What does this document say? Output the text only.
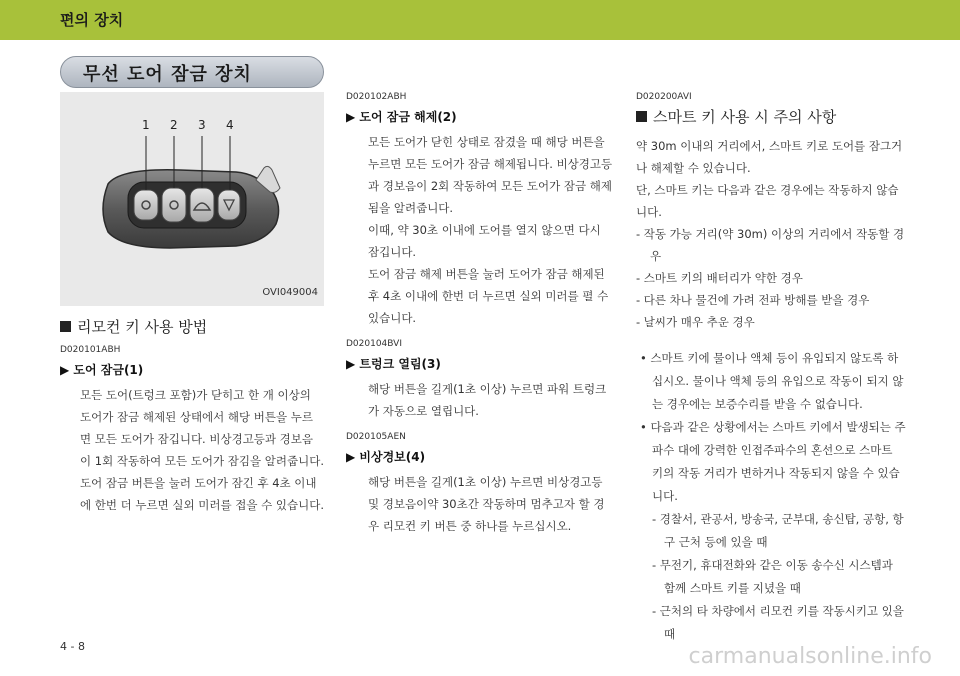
편의 장치
무선 도어 잠금 장치
1 2 3 4
OVI049004
리모컨 키 사용 방법
D020101ABH
▶ 도어 잠금(1)
모든 도어(트렁크 포함)가 닫히고 한 개 이상의 도어가 잠금 해제된 상태에서 해당 버튼을 누르면 모든 도어가 잠깁니다. 비상경고등과 경보음이 1회 작동하여 모든 도어가 잠김을 알려줍니다.
도어 잠금 버튼을 눌러 도어가 잠긴 후 4초 이내에 한번 더 누르면 실외 미러를 접을 수 있습니다.
D020102ABH
▶ 도어 잠금 해제(2)
모든 도어가 닫힌 상태로 잠겼을 때 해당 버튼을 누르면 모든 도어가 잠금 해제됩니다. 비상경고등과 경보음이 2회 작동하여 모든 도어가 잠금 해제됨을 알려줍니다.
이때, 약 30초 이내에 도어를 열지 않으면 다시 잠깁니다.
도어 잠금 해제 버튼을 눌러 도어가 잠금 해제된 후 4초 이내에 한번 더 누르면 실외 미러를 펼 수 있습니다.
D020104BVI
▶ 트렁크 열림(3)
해당 버튼을 길게(1초 이상) 누르면 파워 트렁크가 자동으로 열립니다.
D020105AEN
▶ 비상경보(4)
해당 버튼을 길게(1초 이상) 누르면 비상경고등 및 경보음이약 30초간 작동하며 멈추고자 할 경우 리모컨 키 버튼 중 하나를 누르십시오.
D020200AVI
스마트 키 사용 시 주의 사항
약 30m 이내의 거리에서, 스마트 키로 도어를 잠그거나 해제할 수 있습니다.
단, 스마트 키는 다음과 같은 경우에는 작동하지 않습니다.
- 작동 가능 거리(약 30m) 이상의 거리에서 작동할 경우
- 스마트 키의 배터리가 약한 경우
- 다른 차나 물건에 가려 전파 방해를 받을 경우
- 날씨가 매우 추운 경우
• 스마트 키에 물이나 액체 등이 유입되지 않도록 하십시오. 물이나 액체 등의 유입으로 작동이 되지 않는 경우에는 보증수리를 받을 수 없습니다.
• 다음과 같은 상황에서는 스마트 키에서 발생되는 주파수 대에 강력한 인접주파수의 혼선으로 스마트 키의 작동 거리가 변하거나 작동되지 않을 수 있습니다.
- 경찰서, 관공서, 방송국, 군부대, 송신탑, 공항, 항구 근처 등에 있을 때
- 무전기, 휴대전화와 같은 이동 송수신 시스템과 함께 스마트 키를 지녔을 때
- 근처의 타 차량에서 리모컨 키를 작동시키고 있을 때
4 - 8	carmanualsonline.info
